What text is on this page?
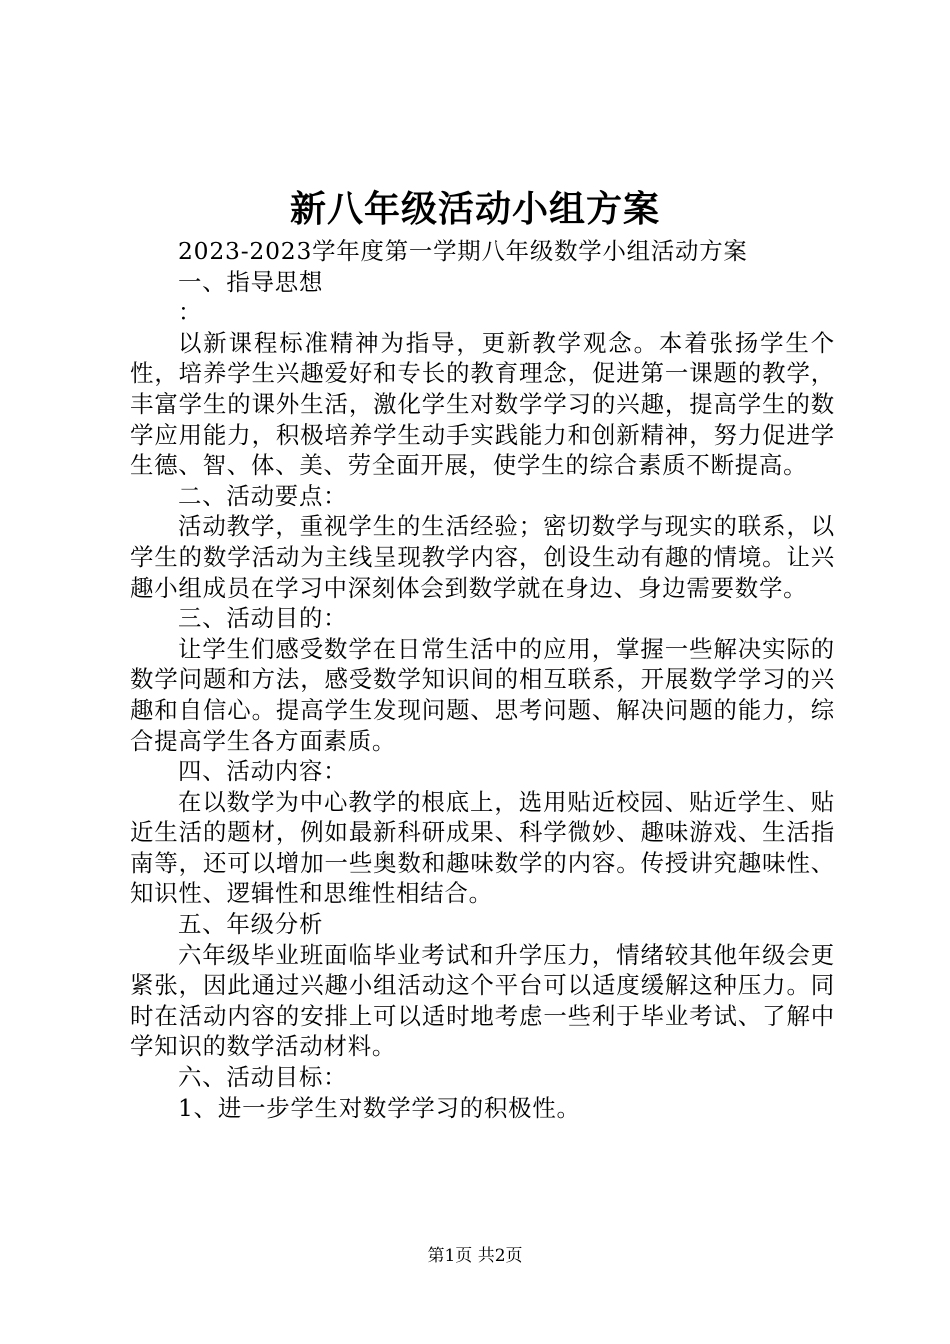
新八年级活动小组方案

2023-2023学年度第一学期八年级数学小组活动方案

一、指导思想

：

以新课程标准精神为指导，更新教学观念。本着张扬学生个性，培养学生兴趣爱好和专长的教育理念，促进第一课题的教学，丰富学生的课外生活，激化学生对数学学习的兴趣，提高学生的数学应用能力，积极培养学生动手实践能力和创新精神，努力促进学生德、智、体、美、劳全面开展，使学生的综合素质不断提高。

二、活动要点：

活动教学，重视学生的生活经验；密切数学与现实的联系，以学生的数学活动为主线呈现教学内容，创设生动有趣的情境。让兴趣小组成员在学习中深刻体会到数学就在身边、身边需要数学。

三、活动目的：

让学生们感受数学在日常生活中的应用，掌握一些解决实际的数学问题和方法，感受数学知识间的相互联系，开展数学学习的兴趣和自信心。提高学生发现问题、思考问题、解决问题的能力，综合提高学生各方面素质。

四、活动内容：

在以数学为中心教学的根底上，选用贴近校园、贴近学生、贴近生活的题材，例如最新科研成果、科学微妙、趣味游戏、生活指南等，还可以增加一些奥数和趣味数学的内容。传授讲究趣味性、知识性、逻辑性和思维性相结合。

五、年级分析

六年级毕业班面临毕业考试和升学压力，情绪较其他年级会更紧张，因此通过兴趣小组活动这个平台可以适度缓解这种压力。同时在活动内容的安排上可以适时地考虑一些利于毕业考试、了解中学知识的数学活动材料。

六、活动目标：

1、进一步学生对数学学习的积极性。

第1页 共2页
